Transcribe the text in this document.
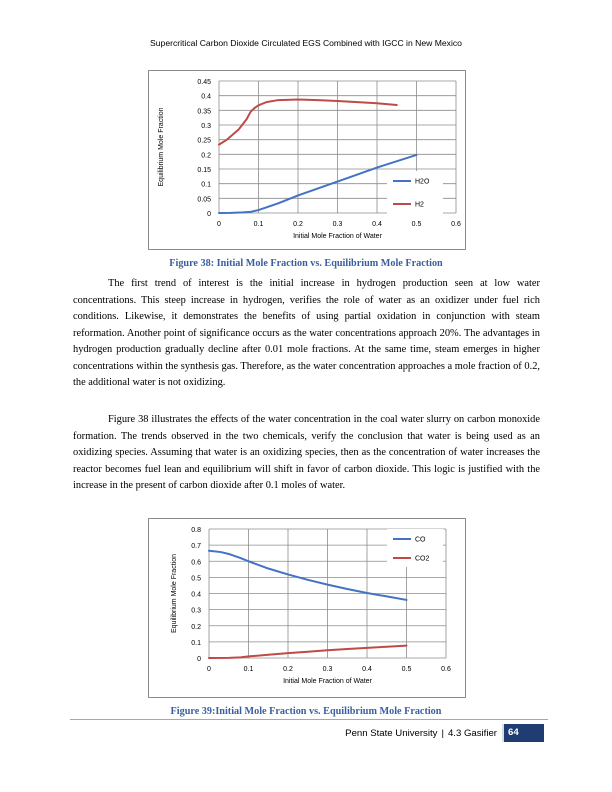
Supercritical Carbon Dioxide Circulated EGS Combined with IGCC in New Mexico
0
0.05
0.1
0.15
0.2
0.25
0.3
0.35
0.4
0.45
0	0.1	0.2	0.3	0.4	0.5	0.6
Initial Mole Fraction of Water
Equilibrium Mole Fraction	H2O
H2
Figure 38: Initial Mole Fraction vs. Equilibrium Mole Fraction

The first trend of interest is the initial increase in hydrogen production seen at low water concentrations. This steep increase in hydrogen, verifies the role of water as an oxidizer under fuel rich conditions. Likewise, it demonstrates the benefits of using partial oxidation in conjunction with steam reformation. Another point of significance occurs as the water concentrations approach 20%. The advantages in hydrogen production gradually decline after 0.01 mole fractions. At the same time, steam emerges in higher concentrations within the synthesis gas. Therefore, as the water concentration approaches a mole fraction of 0.2, the additional water is not oxidizing.

Figure 38 illustrates the effects of the water concentration in the coal water slurry on carbon monoxide formation. The trends observed in the two chemicals, verify the conclusion that water is being used as an oxidizing species. Assuming that water is an oxidizing species, then as the concentration of water increases the reactor becomes fuel lean and equilibrium will shift in favor of carbon dioxide. This logic is justified with the increase in the present of carbon dioxide after 0.1 moles of water.

0
0.1
0.2
0.3
0.4
0.5
0.6
0.7
0.8
0	0.1	0.2	0.3	0.4	0.5	0.6
Initial Mole Fraction of Water
Equilibrium Mole Fraction
CO
CO2
Figure 39:Initial Mole Fraction vs. Equilibrium Mole Fraction
Penn State University | 4.3 Gasifier	64
